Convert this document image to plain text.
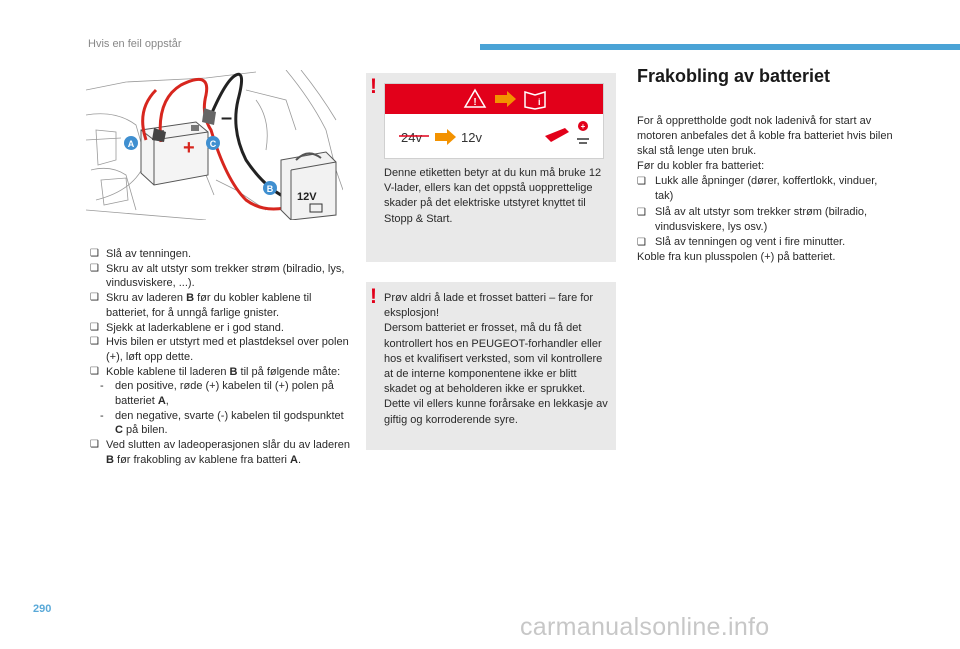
Hvis en feil oppstår
+
–
12V
A	C
B
❑ Slå av tenningen.
❑ Skru av alt utstyr som trekker strøm (bilradio, lys, vindusviskere, ...).
❑ Skru av laderen B før du kobler kablene til batteriet, for å unngå farlige gnister.
❑ Sjekk at laderkablene er i god stand.
❑ Hvis bilen er utstyrt med et plastdeksel over polen (+), løft opp dette.
❑ Koble kablene til laderen B til på følgende måte:
- den positive, røde (+) kabelen til (+) polen på batteriet A,
- den negative, svarte (-) kabelen til godspunktet C på bilen.
❑ Ved slutten av ladeoperasjonen slår du av laderen B før frakobling av kablene fra batteri A.
!
!	i
24v	12v
+
Denne etiketten betyr at du kun må bruke 12 V-lader, ellers kan det oppstå uopprettelige skader på det elektriske utstyret knyttet til Stopp & Start.
! Prøv aldri å lade et frosset batteri – fare for eksplosjon!
Dersom batteriet er frosset, må du få det kontrollert hos en PEUGEOT-forhandler eller hos et kvalifisert verksted, som vil kontrollere at de interne komponentene ikke er blitt skadet og at beholderen ikke er sprukket. Dette vil ellers kunne forårsake en lekkasje av giftig og korroderende syre.
Frakobling av batteriet
For å opprettholde godt nok ladenivå for start av motoren anbefales det å koble fra batteriet hvis bilen skal stå lenge uten bruk.
Før du kobler fra batteriet:
❑ Lukk alle åpninger (dører, koffertlokk, vinduer, tak)
❑ Slå av alt utstyr som trekker strøm (bilradio, vindusviskere, lys osv.)
❑ Slå av tenningen og vent i fire minutter.
Koble fra kun plusspolen (+) på batteriet.
290
carmanualsonline.info
